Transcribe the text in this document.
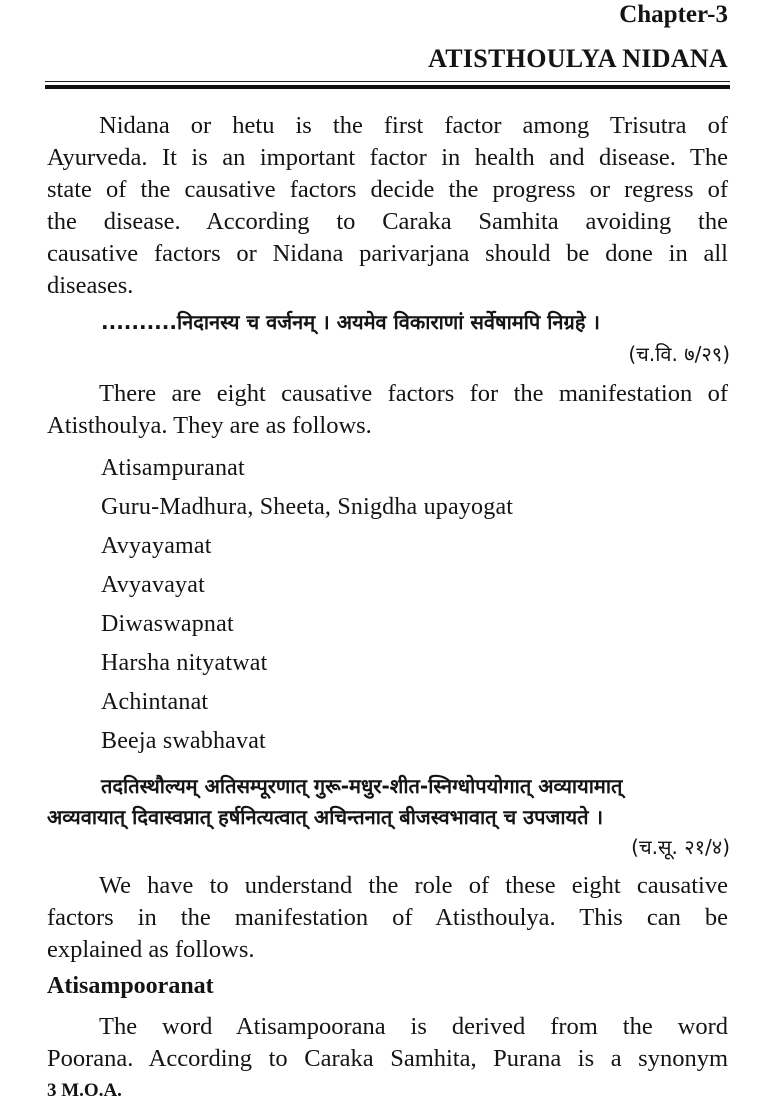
Chapter-3
ATISTHOULYA NIDANA
Nidana or hetu is the first factor among Trisutra of
Ayurveda. It is an important factor in health and disease. The
state of the causative factors decide the progress or regress of
the disease. According to Caraka Samhita avoiding the
causative factors or Nidana parivarjana should be done in all
diseases.
..........निदानस्य च वर्जनम् । अयमेव विकाराणां सर्वेषामपि निग्रहे ।
(च.वि. ७/२९)
There are eight causative factors for the manifestation of
Atisthoulya. They are as follows.
Atisampuranat
Guru-Madhura, Sheeta, Snigdha upayogat
Avyayamat
Avyavayat
Diwaswapnat
Harsha nityatwat
Achintanat
Beeja swabhavat
तदतिस्थौल्यम् अतिसम्पूरणात् गुरू-मधुर-शीत-स्निग्धोपयोगात् अव्यायामात्
अव्यवायात् दिवास्वप्नात् हर्षनित्यत्वात् अचिन्तनात् बीजस्वभावात् च उपजायते ।
(च.सू. २१/४)
We have to understand the role of these eight causative
factors in the manifestation of Atisthoulya. This can be
explained as follows.
Atisampooranat
The word Atisampoorana is derived from the word
Poorana. According to Caraka Samhita, Purana is a synonym
3 M.O.A.
